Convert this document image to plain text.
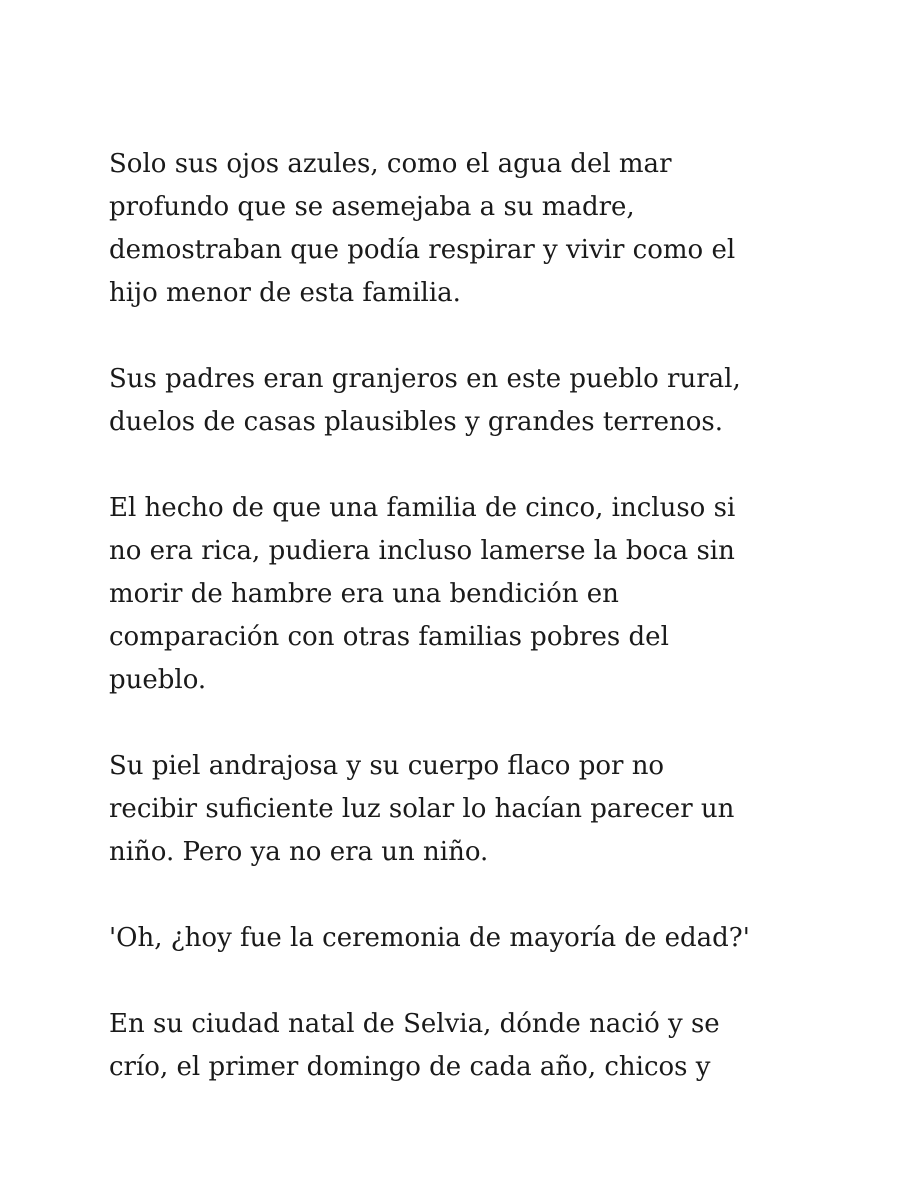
Solo sus ojos azules, como el agua del mar
profundo que se asemejaba a su madre,
demostraban que podía respirar y vivir como el
hijo menor de esta familia.

Sus padres eran granjeros en este pueblo rural,
duelos de casas plausibles y grandes terrenos.

El hecho de que una familia de cinco, incluso si
no era rica, pudiera incluso lamerse la boca sin
morir de hambre era una bendición en
comparación con otras familias pobres del
pueblo.

Su piel andrajosa y su cuerpo flaco por no
recibir suficiente luz solar lo hacían parecer un
niño. Pero ya no era un niño.

'Oh, ¿hoy fue la ceremonia de mayoría de edad?'

En su ciudad natal de Selvia, dónde nació y se
crío, el primer domingo de cada año, chicos y
